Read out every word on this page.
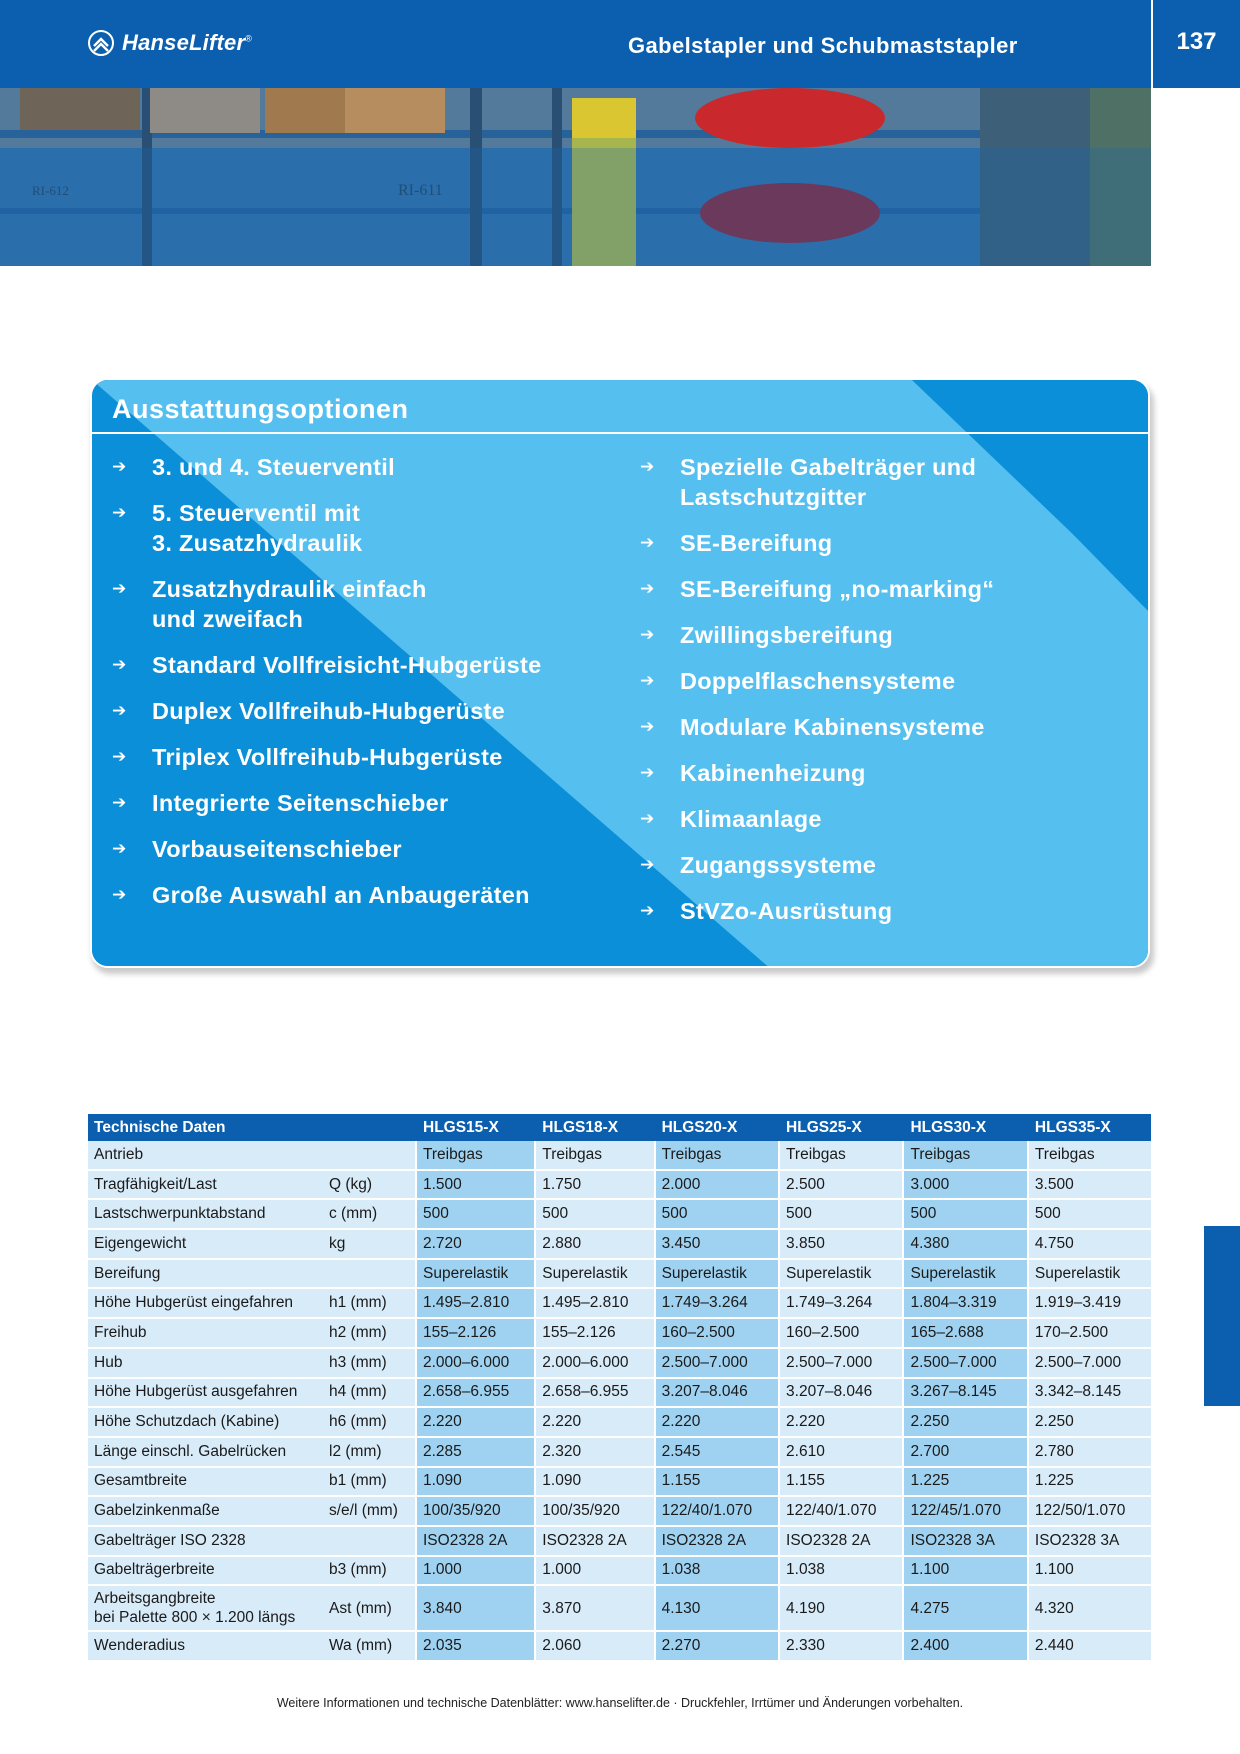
HanseLifter®	Gabelstapler und Schubmaststapler	137
RI-612	RI-611
Ausstattungsoptionen
➔ 3. und 4. Steuerventil
➔ 5. Steuerventil mit
3. Zusatzhydraulik
➔ Zusatzhydraulik einfach
und zweifach
➔ Standard Vollfreisicht-Hubgerüste
➔ Duplex Vollfreihub-Hubgerüste
➔ Triplex Vollfreihub-Hubgerüste
➔ Integrierte Seitenschieber
➔ Vorbauseitenschieber
➔ Große Auswahl an Anbaugeräten
➔ Spezielle Gabelträger und
Lastschutzgitter
➔ SE-Bereifung
➔ SE-Bereifung „no-marking“
➔ Zwillingsbereifung
➔ Doppelflaschensysteme
➔ Modulare Kabinensysteme
➔ Kabinenheizung
➔ Klimaanlage
➔ Zugangssysteme
➔ StVZo-Ausrüstung
Technische Daten		HLGS15-X	HLGS18-X	HLGS20-X	HLGS25-X	HLGS30-X	HLGS35-X
Antrieb		Treibgas	Treibgas	Treibgas	Treibgas	Treibgas	Treibgas
Tragfähigkeit/Last	Q (kg)	1.500	1.750	2.000	2.500	3.000	3.500
Lastschwerpunktabstand	c (mm)	500	500	500	500	500	500
Eigengewicht	kg	2.720	2.880	3.450	3.850	4.380	4.750
Bereifung		Superelastik	Superelastik	Superelastik	Superelastik	Superelastik	Superelastik
Höhe Hubgerüst eingefahren	h1 (mm)	1.495–2.810	1.495–2.810	1.749–3.264	1.749–3.264	1.804–3.319	1.919–3.419
Freihub	h2 (mm)	155–2.126	155–2.126	160–2.500	160–2.500	165–2.688	170–2.500
Hub	h3 (mm)	2.000–6.000	2.000–6.000	2.500–7.000	2.500–7.000	2.500–7.000	2.500–7.000
Höhe Hubgerüst ausgefahren	h4 (mm)	2.658–6.955	2.658–6.955	3.207–8.046	3.207–8.046	3.267–8.145	3.342–8.145
Höhe Schutzdach (Kabine)	h6 (mm)	2.220	2.220	2.220	2.220	2.250	2.250
Länge einschl. Gabelrücken	l2 (mm)	2.285	2.320	2.545	2.610	2.700	2.780
Gesamtbreite	b1 (mm)	1.090	1.090	1.155	1.155	1.225	1.225
Gabelzinkenmaße	s/e/l (mm)	100/35/920	100/35/920	122/40/1.070	122/40/1.070	122/45/1.070	122/50/1.070
Gabelträger ISO 2328		ISO2328 2A	ISO2328 2A	ISO2328 2A	ISO2328 2A	ISO2328 3A	ISO2328 3A
Gabelträgerbreite	b3 (mm)	1.000	1.000	1.038	1.038	1.100	1.100
Arbeitsgangbreite
bei Palette 800 × 1.200 längs	Ast (mm)	3.840	3.870	4.130	4.190	4.275	4.320
Wenderadius	Wa (mm)	2.035	2.060	2.270	2.330	2.400	2.440
Weitere Informationen und technische Datenblätter: www.hanselifter.de · Druckfehler, Irrtümer und Änderungen vorbehalten.
